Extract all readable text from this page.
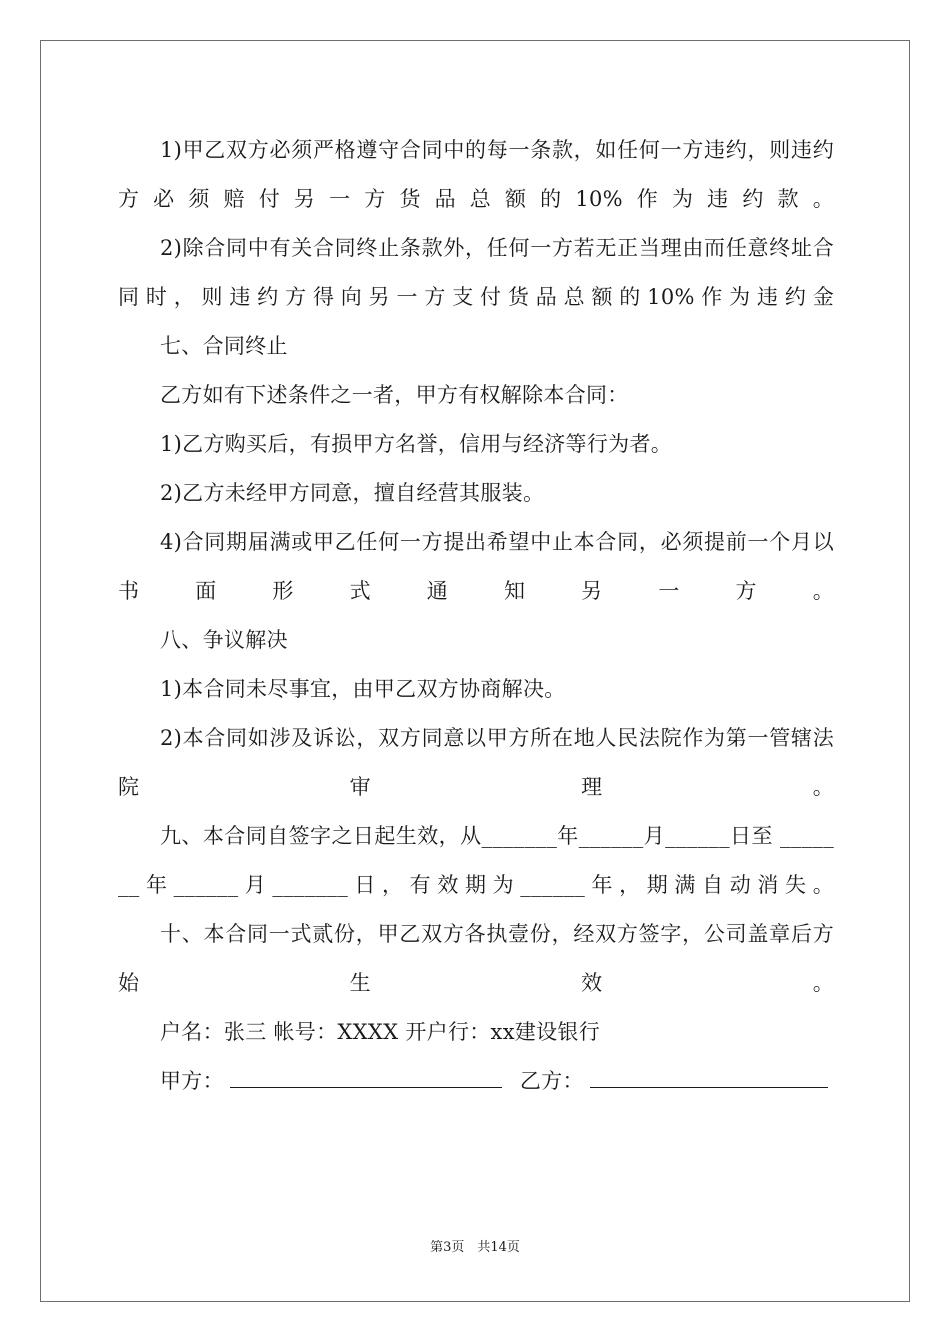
1)甲乙双方必须严格遵守合同中的每一条款，如任何一方违约，则违约方必须赔付另一方货品总额的10%作为违约款。

2)除合同中有关合同终止条款外，任何一方若无正当理由而任意终址合同时，则违约方得向另一方支付货品总额的10%作为违约金

七、合同终止

乙方如有下述条件之一者，甲方有权解除本合同：

1)乙方购买后，有损甲方名誉，信用与经济等行为者。

2)乙方未经甲方同意，擅自经营其服装。

4)合同期届满或甲乙任何一方提出希望中止本合同，必须提前一个月以书面形式通知另一方。

八、争议解决

1)本合同未尽事宜，由甲乙双方协商解决。

2)本合同如涉及诉讼，双方同意以甲方所在地人民法院作为第一管辖法院审理。

九、本合同自签字之日起生效，从_______年______月______日至 _______年______月_______日，有效期为______年，期满自动消失。

十、本合同一式贰份，甲乙双方各执壹份，经双方签字，公司盖章后方始生效。

户名：张三 帐号：XXXX 开户行：xx建设银行

甲方：	乙方：
第3页　共14页
